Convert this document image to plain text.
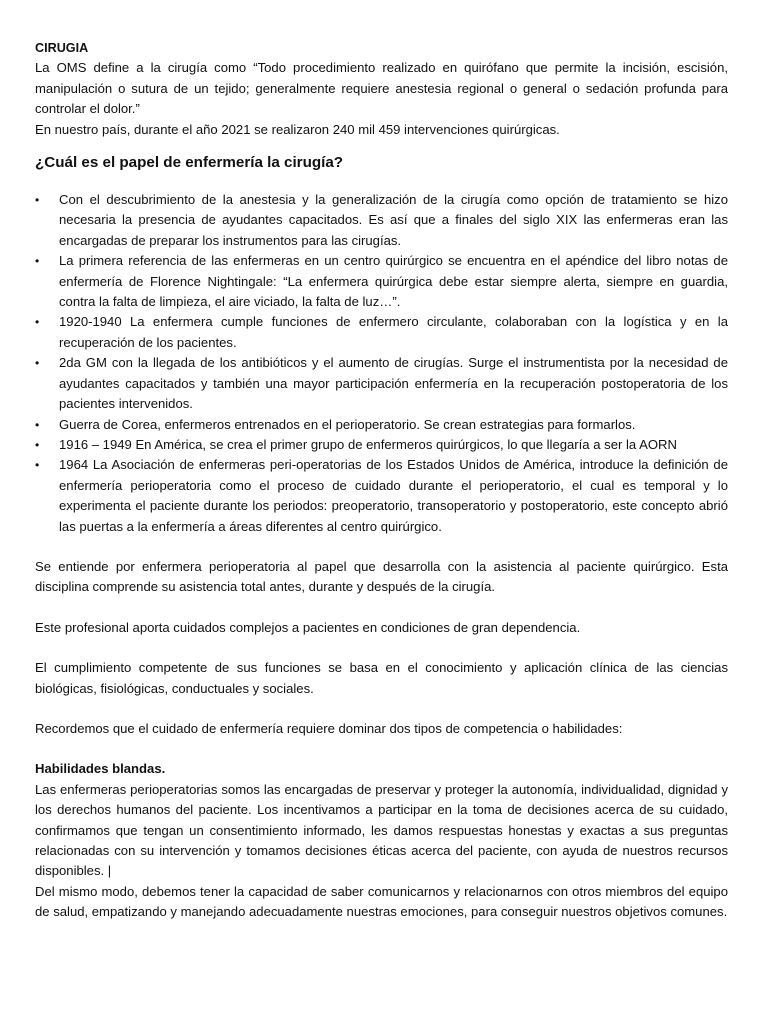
CIRUGIA

La OMS define a la cirugía como “Todo procedimiento realizado en quirófano que permite la incisión, escisión, manipulación o sutura de un tejido; generalmente requiere anestesia regional o general o sedación profunda para controlar el dolor.”

En nuestro país, durante el año 2021 se realizaron 240 mil 459 intervenciones quirúrgicas.

¿Cuál es el papel de enfermería la cirugía?

• Con el descubrimiento de la anestesia y la generalización de la cirugía como opción de tratamiento se hizo necesaria la presencia de ayudantes capacitados. Es así que a finales del siglo XIX las enfermeras eran las encargadas de preparar los instrumentos para las cirugías.
• La primera referencia de las enfermeras en un centro quirúrgico se encuentra en el apéndice del libro notas de enfermería de Florence Nightingale: “La enfermera quirúrgica debe estar siempre alerta, siempre en guardia, contra la falta de limpieza, el aire viciado, la falta de luz…”.
• 1920-1940 La enfermera cumple funciones de enfermero circulante, colaboraban con la logística y en la recuperación de los pacientes.
• 2da GM con la llegada de los antibióticos y el aumento de cirugías. Surge el instrumentista por la necesidad de ayudantes capacitados y también una mayor participación enfermería en la recuperación postoperatoria de los pacientes intervenidos.
• Guerra de Corea, enfermeros entrenados en el perioperatorio. Se crean estrategias para formarlos.
• 1916 – 1949 En América, se crea el primer grupo de enfermeros quirúrgicos, lo que llegaría a ser la AORN
• 1964 La Asociación de enfermeras peri-operatorias de los Estados Unidos de América, introduce la definición de enfermería perioperatoria como el proceso de cuidado durante el perioperatorio, el cual es temporal y lo experimenta el paciente durante los periodos: preoperatorio, transoperatorio y postoperatorio, este concepto abrió las puertas a la enfermería a áreas diferentes al centro quirúrgico.

Se entiende por enfermera perioperatoria al papel que desarrolla con la asistencia al paciente quirúrgico. Esta disciplina comprende su asistencia total antes, durante y después de la cirugía.

Este profesional aporta cuidados complejos a pacientes en condiciones de gran dependencia.

El cumplimiento competente de sus funciones se basa en el conocimiento y aplicación clínica de las ciencias biológicas, fisiológicas, conductuales y sociales.

Recordemos que el cuidado de enfermería requiere dominar dos tipos de competencia o habilidades:

Habilidades blandas.

Las enfermeras perioperatorias somos las encargadas de preservar y proteger la autonomía, individualidad, dignidad y los derechos humanos del paciente. Los incentivamos a participar en la toma de decisiones acerca de su cuidado, confirmamos que tengan un consentimiento informado, les damos respuestas honestas y exactas a sus preguntas relacionadas con su intervención y tomamos decisiones éticas acerca del paciente, con ayuda de nuestros recursos disponibles. |

Del mismo modo, debemos tener la capacidad de saber comunicarnos y relacionarnos con otros miembros del equipo de salud, empatizando y manejando adecuadamente nuestras emociones, para conseguir nuestros objetivos comunes.
